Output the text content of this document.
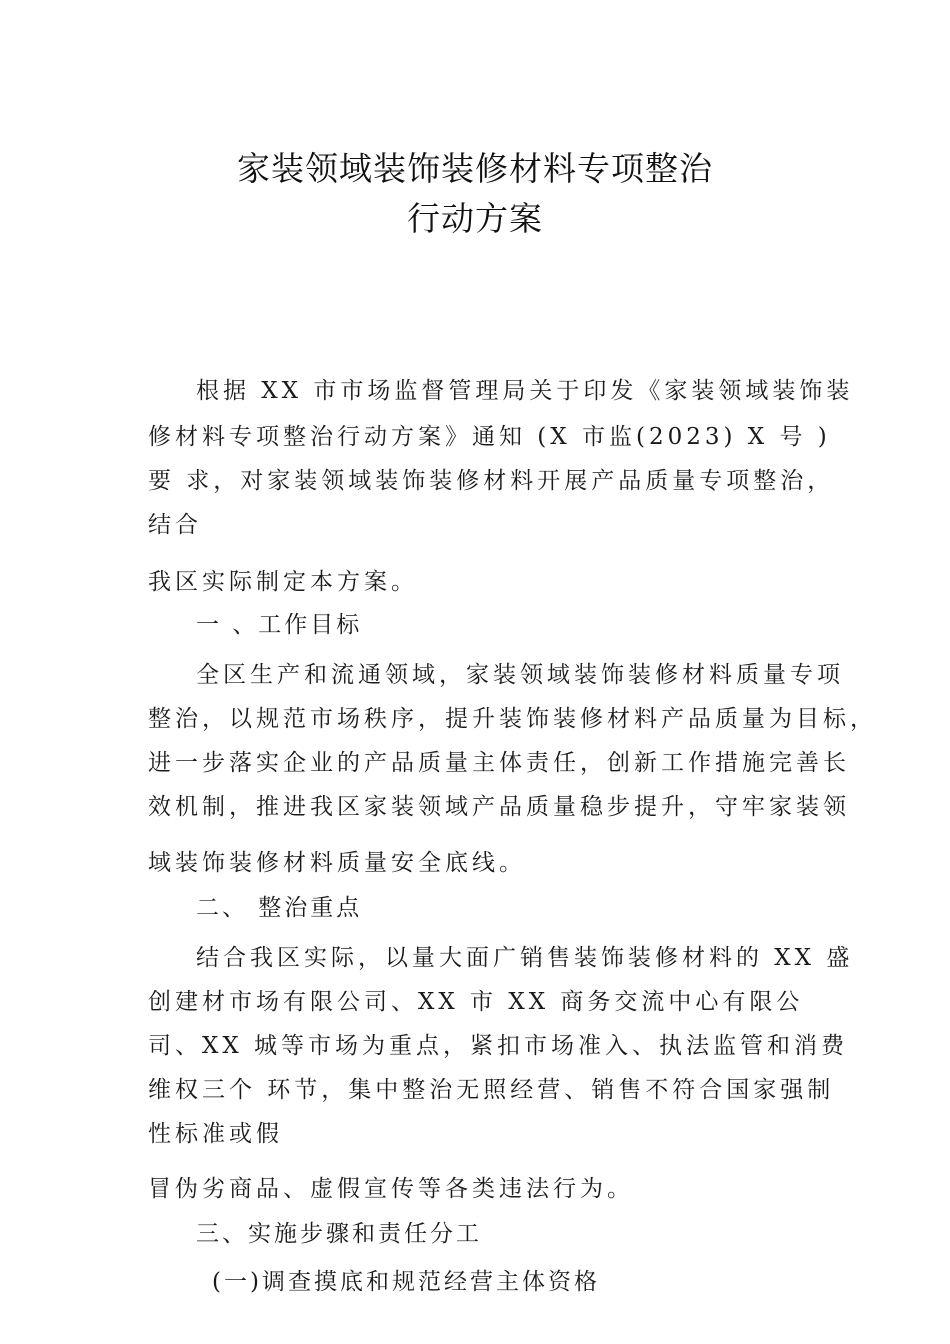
家装领域装饰装修材料专项整治
行动方案
根据 XX 市市场监督管理局关于印发《家装领域装饰装
修材料专项整治行动方案》通知 (X 市监(2023) X 号 )
要 求，对家装领域装饰装修材料开展产品质量专项整治，
结合
我区实际制定本方案。
一 、工作目标
全区生产和流通领域，家装领域装饰装修材料质量专项
整治，以规范市场秩序，提升装饰装修材料产品质量为目标，
进一步落实企业的产品质量主体责任，创新工作措施完善长
效机制，推进我区家装领域产品质量稳步提升，守牢家装领
域装饰装修材料质量安全底线。
二、 整治重点
结合我区实际，以量大面广销售装饰装修材料的 XX 盛
创建材市场有限公司、XX 市 XX 商务交流中心有限公
司、XX 城等市场为重点，紧扣市场准入、执法监管和消费
维权三个 环节，集中整治无照经营、销售不符合国家强制
性标准或假
冒伪劣商品、虚假宣传等各类违法行为。
三、实施步骤和责任分工
(一)调查摸底和规范经营主体资格
